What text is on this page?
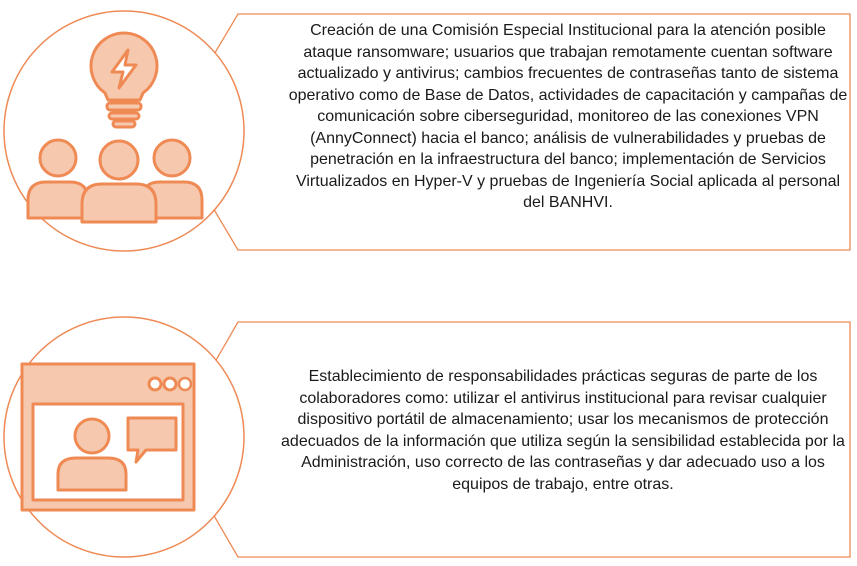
Creación de una Comisión Especial Institucional para la atención posible ataque ransomware; usuarios que trabajan remotamente cuentan software actualizado y antivirus; cambios frecuentes de contraseñas tanto de sistema operativo como de Base de Datos, actividades de capacitación y campañas de comunicación sobre ciberseguridad, monitoreo de las conexiones VPN (AnnyConnect) hacia el banco; análisis de vulnerabilidades y pruebas de penetración en la infraestructura del banco; implementación de Servicios Virtualizados en Hyper-V y pruebas de Ingeniería Social aplicada al personal del BANHVI.

Establecimiento de responsabilidades prácticas seguras de parte de los colaboradores como: utilizar el antivirus institucional para revisar cualquier dispositivo portátil de almacenamiento; usar los mecanismos de protección adecuados de la información que utiliza según la sensibilidad establecida por la Administración, uso correcto de las contraseñas y dar adecuado uso a los equipos de trabajo, entre otras.
